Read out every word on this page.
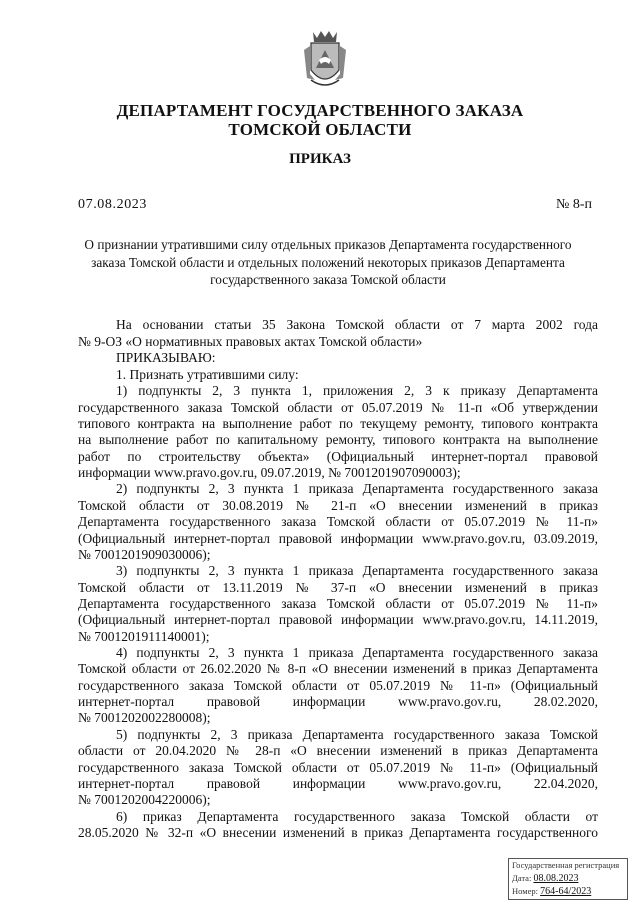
ДЕПАРТАМЕНТ ГОСУДАРСТВЕННОГО ЗАКАЗА
ТОМСКОЙ ОБЛАСТИ
ПРИКАЗ
07.08.2023	№ 8-п
О признании утратившими силу отдельных приказов Департамента государственного
заказа Томской области и отдельных положений некоторых приказов Департамента
государственного заказа Томской области
На основании статьи 35 Закона Томской области от 7 марта 2002 года
№ 9-ОЗ «О нормативных правовых актах Томской области»
ПРИКАЗЫВАЮ:
1. Признать утратившими силу:
1) подпункты 2, 3 пункта 1, приложения 2, 3 к приказу Департамента
государственного заказа Томской области от 05.07.2019 № 11-п «Об утверждении
типового контракта на выполнение работ по текущему ремонту, типового контракта
на выполнение работ по капитальному ремонту, типового контракта на выполнение
работ по строительству объекта» (Официальный интернет-портал правовой
информации www.pravo.gov.ru, 09.07.2019, № 7001201907090003);
2) подпункты 2, 3 пункта 1 приказа Департамента государственного заказа
Томской области от 30.08.2019 № 21-п «О внесении изменений в приказ
Департамента государственного заказа Томской области от 05.07.2019 № 11-п»
(Официальный интернет-портал правовой информации www.pravo.gov.ru, 03.09.2019,
№ 7001201909030006);
3) подпункты 2, 3 пункта 1 приказа Департамента государственного заказа
Томской области от 13.11.2019 № 37-п «О внесении изменений в приказ
Департамента государственного заказа Томской области от 05.07.2019 № 11-п»
(Официальный интернет-портал правовой информации www.pravo.gov.ru, 14.11.2019,
№ 7001201911140001);
4) подпункты 2, 3 пункта 1 приказа Департамента государственного заказа
Томской области от 26.02.2020 № 8-п «О внесении изменений в приказ Департамента
государственного заказа Томской области от 05.07.2019 № 11-п» (Официальный
интернет-портал правовой информации www.pravo.gov.ru, 28.02.2020,
№ 7001202002280008);
5) подпункты 2, 3 приказа Департамента государственного заказа Томской
области от 20.04.2020 № 28-п «О внесении изменений в приказ Департамента
государственного заказа Томской области от 05.07.2019 № 11-п» (Официальный
интернет-портал правовой информации www.pravo.gov.ru, 22.04.2020,
№ 7001202004220006);
6) приказ Департамента государственного заказа Томской области от
28.05.2020 № 32-п «О внесении изменений в приказ Департамента государственного
Государственная регистрация
Дата: 08.08.2023
Номер: 764-64/2023
